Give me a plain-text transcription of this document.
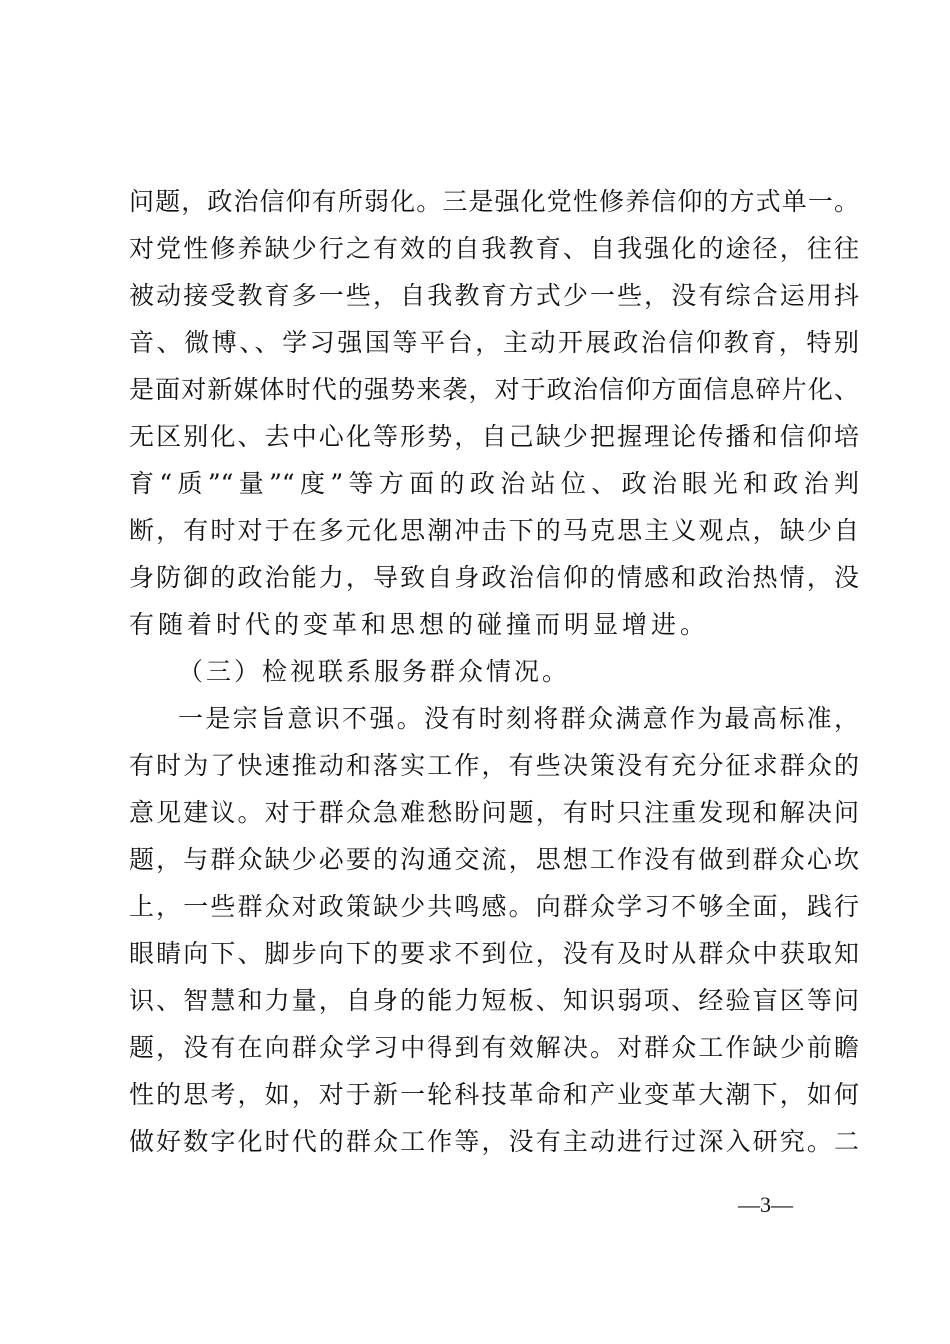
问题，政治信仰有所弱化。三是强化党性修养信仰的方式单一。
对党性修养缺少行之有效的自我教育、自我强化的途径，往往
被动接受教育多一些，自我教育方式少一些，没有综合运用抖
音、微博、、学习强国等平台，主动开展政治信仰教育，特别
是面对新媒体时代的强势来袭，对于政治信仰方面信息碎片化、
无区别化、去中心化等形势，自己缺少把握理论传播和信仰培
育“质”“量”“度”等方面的政治站位、政治眼光和政治判
断，有时对于在多元化思潮冲击下的马克思主义观点，缺少自
身防御的政治能力，导致自身政治信仰的情感和政治热情，没
有随着时代的变革和思想的碰撞而明显增进。
（三）检视联系服务群众情况。
一是宗旨意识不强。没有时刻将群众满意作为最高标准，
有时为了快速推动和落实工作，有些决策没有充分征求群众的
意见建议。对于群众急难愁盼问题，有时只注重发现和解决问
题，与群众缺少必要的沟通交流，思想工作没有做到群众心坎
上，一些群众对政策缺少共鸣感。向群众学习不够全面，践行
眼睛向下、脚步向下的要求不到位，没有及时从群众中获取知
识、智慧和力量，自身的能力短板、知识弱项、经验盲区等问
题，没有在向群众学习中得到有效解决。对群众工作缺少前瞻
性的思考，如，对于新一轮科技革命和产业变革大潮下，如何
做好数字化时代的群众工作等，没有主动进行过深入研究。二
—3—
